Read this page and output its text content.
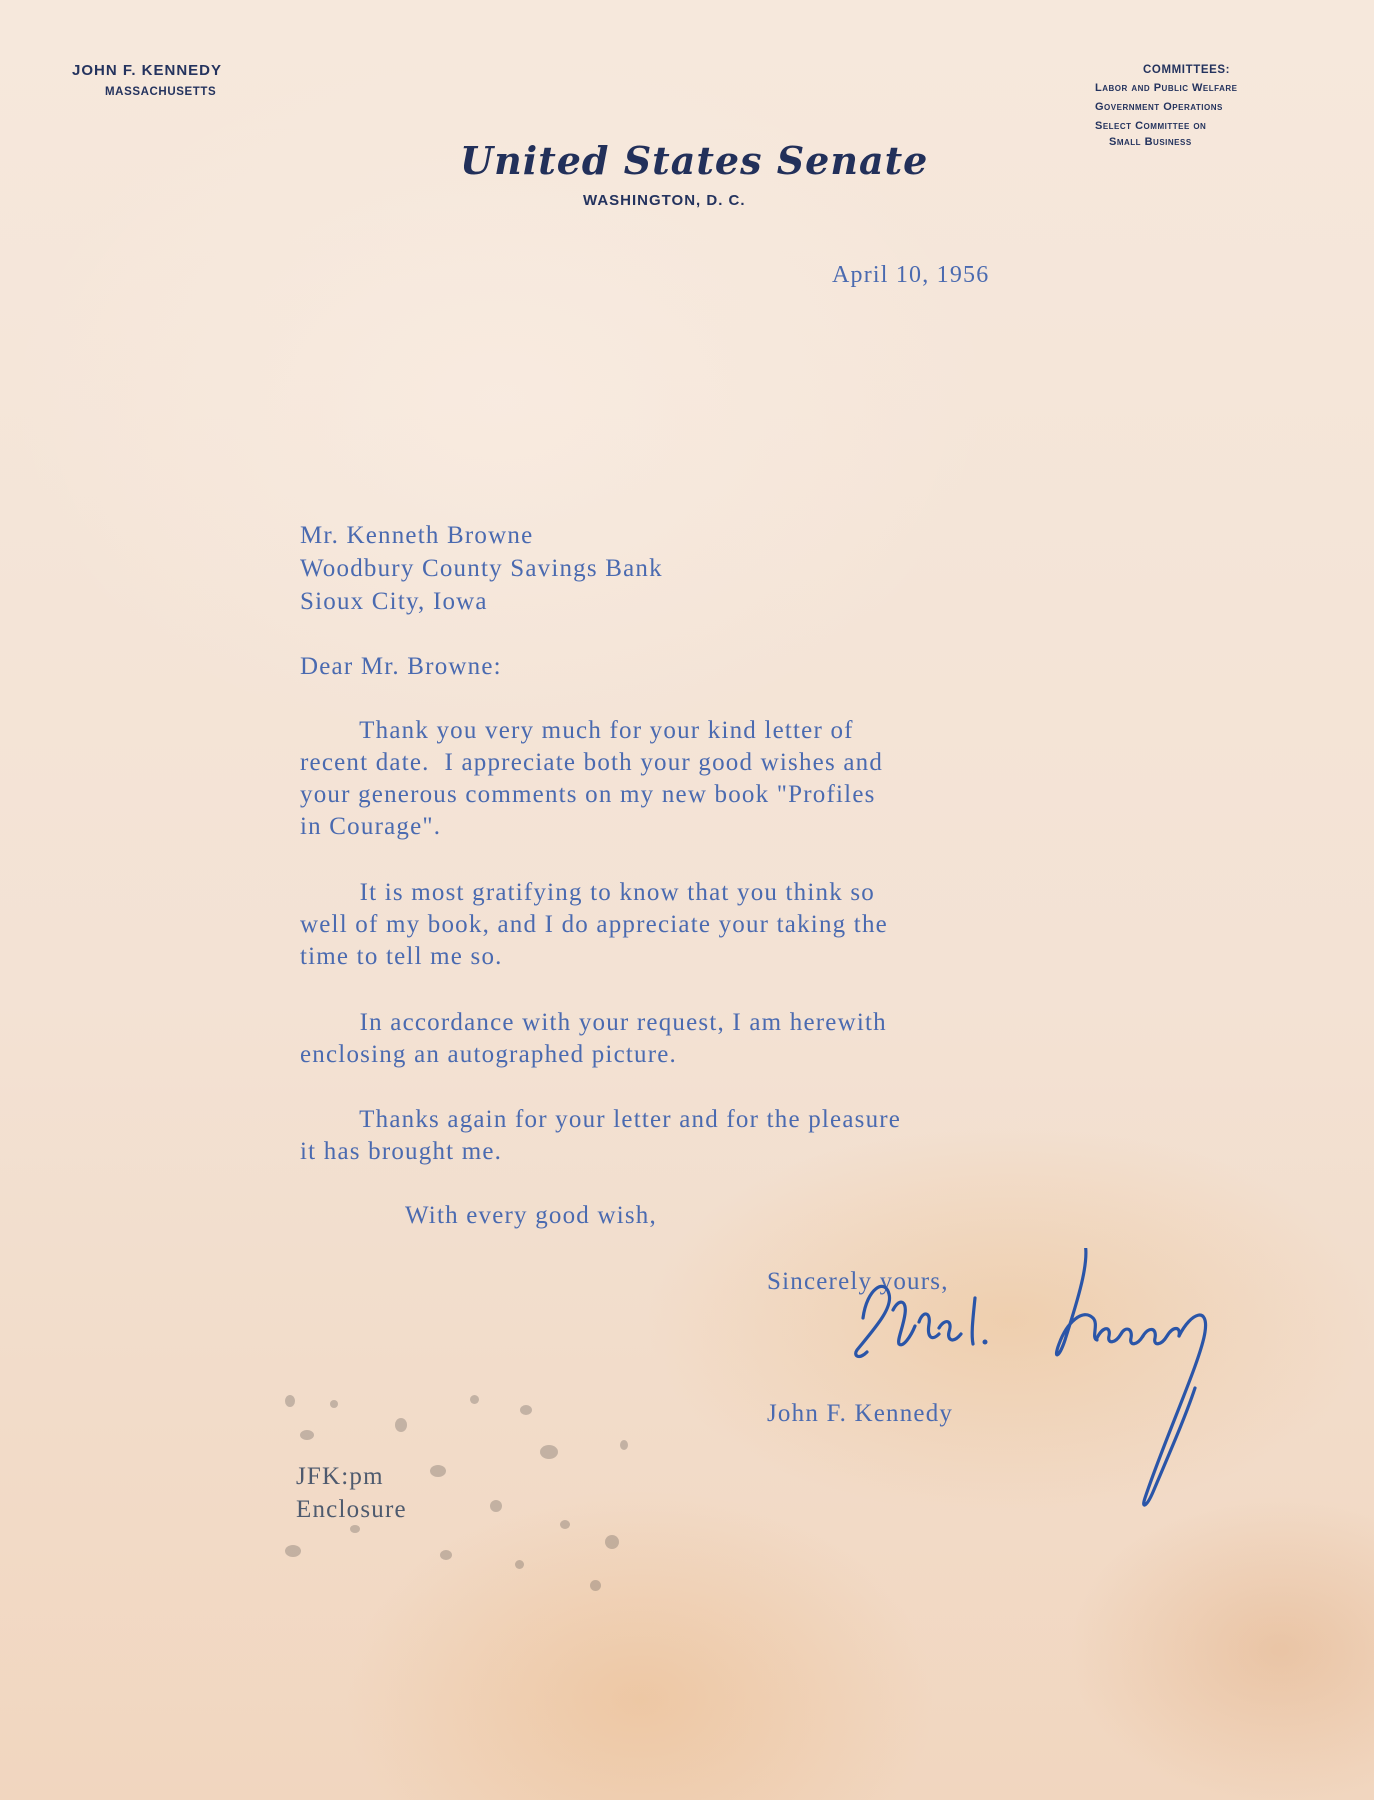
JOHN F. KENNEDY

MASSACHUSETTS

COMMITTEES:

Labor and Public Welfare

Government Operations

Select Committee on

Small Business

United States Senate

WASHINGTON, D. C.

April 10, 1956

Mr. Kenneth Browne

Woodbury County Savings Bank

Sioux City, Iowa

Dear Mr. Browne:

Thank you very much for your kind letter of

recent date.  I appreciate both your good wishes and

your generous comments on my new book "Profiles

in Courage".

It is most gratifying to know that you think so

well of my book, and I do appreciate your taking the

time to tell me so.

In accordance with your request, I am herewith

enclosing an autographed picture.

Thanks again for your letter and for the pleasure

it has brought me.

With every good wish,

Sincerely yours,

John F. Kennedy

JFK:pm

Enclosure
